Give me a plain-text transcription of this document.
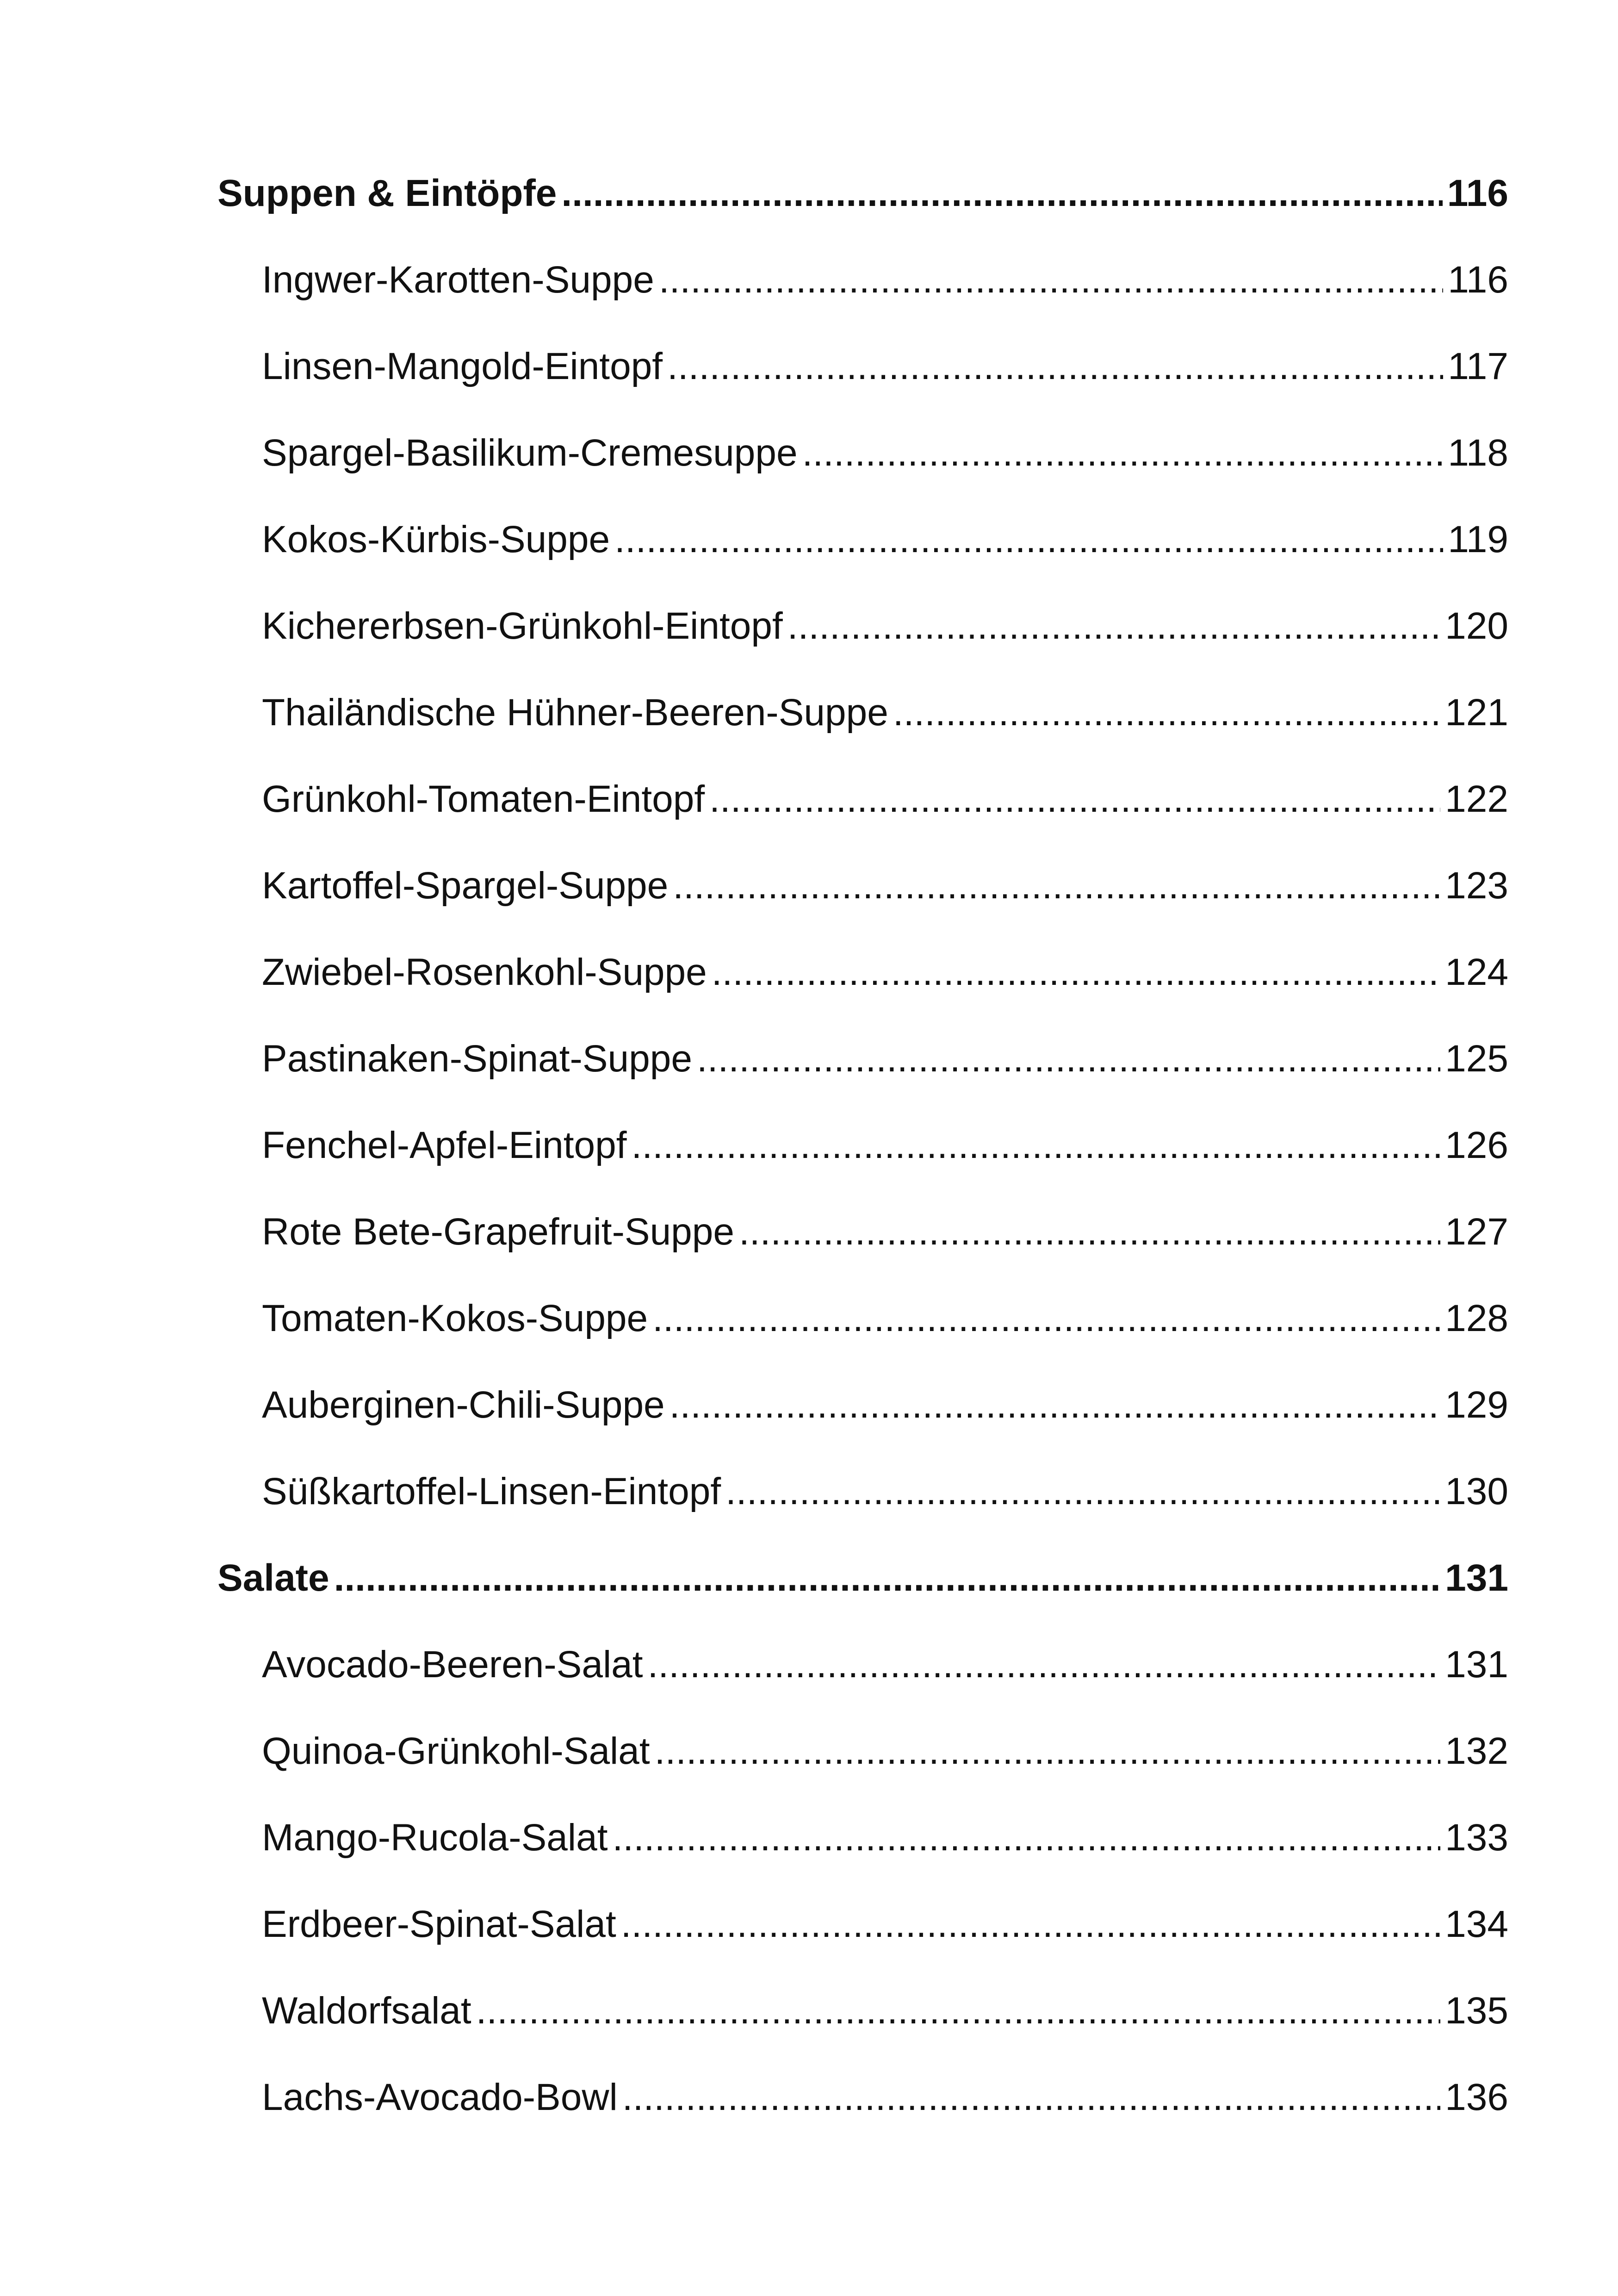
Suppen & Eintöpfe .....	116
Ingwer-Karotten-Suppe .....	116
Linsen-Mangold-Eintopf .....	117
Spargel-Basilikum-Cremesuppe .....	118
Kokos-Kürbis-Suppe .....	119
Kichererbsen-Grünkohl-Eintopf .....	120
Thailändische Hühner-Beeren-Suppe .....	121
Grünkohl-Tomaten-Eintopf .....	122
Kartoffel-Spargel-Suppe .....	123
Zwiebel-Rosenkohl-Suppe .....	124
Pastinaken-Spinat-Suppe .....	125
Fenchel-Apfel-Eintopf .....	126
Rote Bete-Grapefruit-Suppe .....	127
Tomaten-Kokos-Suppe .....	128
Auberginen-Chili-Suppe .....	129
Süßkartoffel-Linsen-Eintopf .....	130
Salate .....	131
Avocado-Beeren-Salat .....	131
Quinoa-Grünkohl-Salat .....	132
Mango-Rucola-Salat .....	133
Erdbeer-Spinat-Salat .....	134
Waldorfsalat .....	135
Lachs-Avocado-Bowl .....	136
